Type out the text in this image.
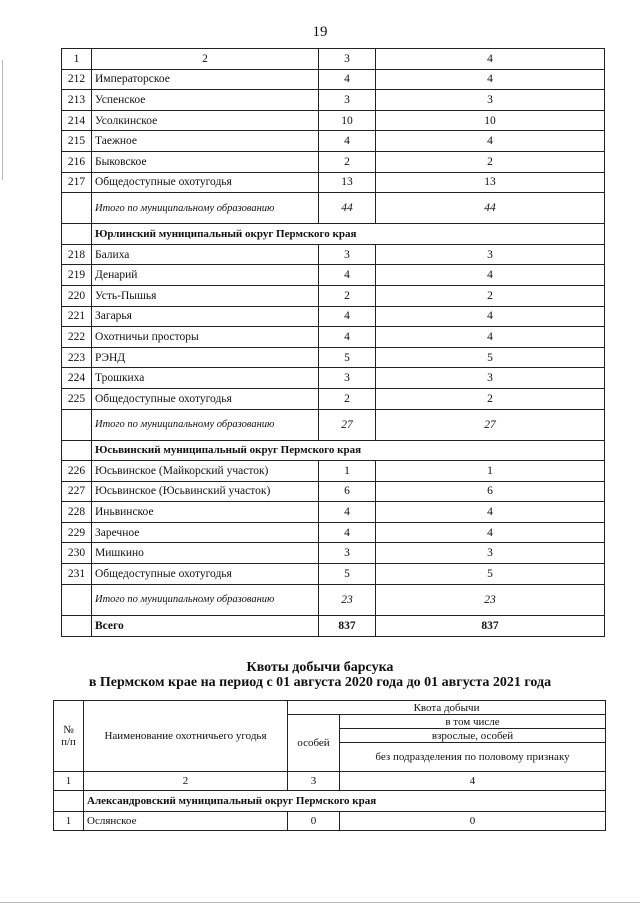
19
1	2	3	4
212	Императорское	4	4
213	Успенское	3	3
214	Усолкинское	10	10
215	Таежное	4	4
216	Быковское	2	2
217	Общедоступные охотугодья	13	13
	Итого по муниципальному образованию	44	44
	Юрлинский муниципальный округ Пермского края		
218	Балиха	3	3
219	Денарий	4	4
220	Усть-Пышья	2	2
221	Загарья	4	4
222	Охотничьи просторы	4	4
223	РЭНД	5	5
224	Трошкиха	3	3
225	Общедоступные охотугодья	2	2
	Итого по муниципальному образованию	27	27
	Юсьвинский муниципальный округ Пермского края		
226	Юсьвинское (Майкорский участок)	1	1
227	Юсьвинское (Юсьвинский участок)	6	6
228	Иньвинское	4	4
229	Заречное	4	4
230	Мишкино	3	3
231	Общедоступные охотугодья	5	5
	Итого по муниципальному образованию	23	23
	Всего	837	837
Квоты добычи барсука
в Пермском крае на период с 01 августа 2020 года до 01 августа 2021 года
№
п/п	Наименование охотничьего угодья	Квота добычи	
		особей	в том числе
			взрослые, особей
			без подразделения по половому признаку
1	2	3	4
	Александровский муниципальный округ Пермского края		
1	Ослянское	0	0
